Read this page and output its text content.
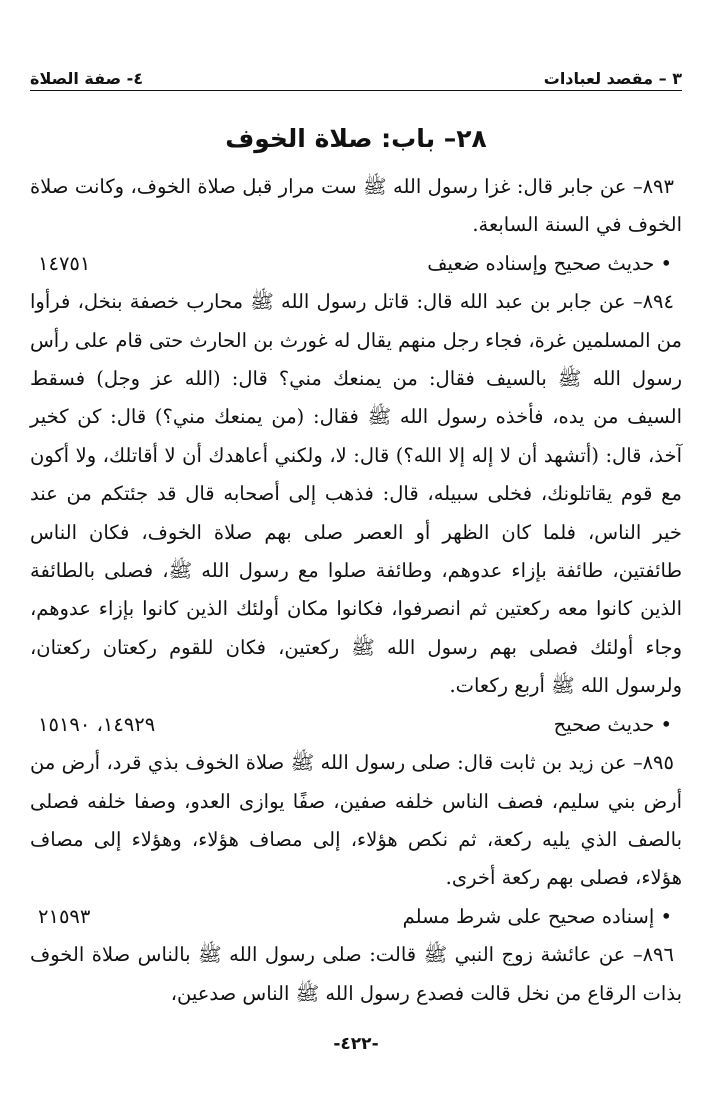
٣ – مقصد لعبادات
٤- صفة الصلاة
٢٨– باب: صلاة الخوف

٨٩٣– عن جابر قال: غزا رسول الله ﷺ ست مرار قبل صلاة الخوف، وكانت صلاة الخوف في السنة السابعة.

• حديث صحيح وإسناده ضعيف
١٤٧٥١

٨٩٤– عن جابر بن عبد الله قال: قاتل رسول الله ﷺ محارب خصفة بنخل، فرأوا من المسلمين غرة، فجاء رجل منهم يقال له غورث بن الحارث حتى قام على رأس رسول الله ﷺ بالسيف فقال: من يمنعك مني؟ قال: (الله عز وجل) فسقط السيف من يده، فأخذه رسول الله ﷺ فقال: (من يمنعك مني؟) قال: كن كخير آخذ، قال: (أتشهد أن لا إله إلا الله؟) قال: لا، ولكني أعاهدك أن لا أقاتلك، ولا أكون مع قوم يقاتلونك، فخلى سبيله، قال: فذهب إلى أصحابه قال قد جئتكم من عند خير الناس، فلما كان الظهر أو العصر صلى بهم صلاة الخوف، فكان الناس طائفتين، طائفة بإزاء عدوهم، وطائفة صلوا مع رسول الله ﷺ، فصلى بالطائفة الذين كانوا معه ركعتين ثم انصرفوا، فكانوا مكان أولئك الذين كانوا بإزاء عدوهم، وجاء أولئك فصلى بهم رسول الله ﷺ ركعتين، فكان للقوم ركعتان ركعتان، ولرسول الله ﷺ أربع ركعات.

• حديث صحيح
١٤٩٢٩، ١٥١٩٠

٨٩٥– عن زيد بن ثابت قال: صلى رسول الله ﷺ صلاة الخوف بذي قرد، أرض من أرض بني سليم، فصف الناس خلفه صفين، صفًا يوازى العدو، وصفا خلفه فصلى بالصف الذي يليه ركعة، ثم نكص هؤلاء، إلى مصاف هؤلاء، وهؤلاء إلى مصاف هؤلاء، فصلى بهم ركعة أخرى.

• إسناده صحيح على شرط مسلم
٢١٥٩٣

٨٩٦– عن عائشة زوج النبي ﷺ قالت: صلى رسول الله ﷺ بالناس صلاة الخوف بذات الرقاع من نخل قالت فصدع رسول الله ﷺ الناس صدعين،

-٤٢٢-
